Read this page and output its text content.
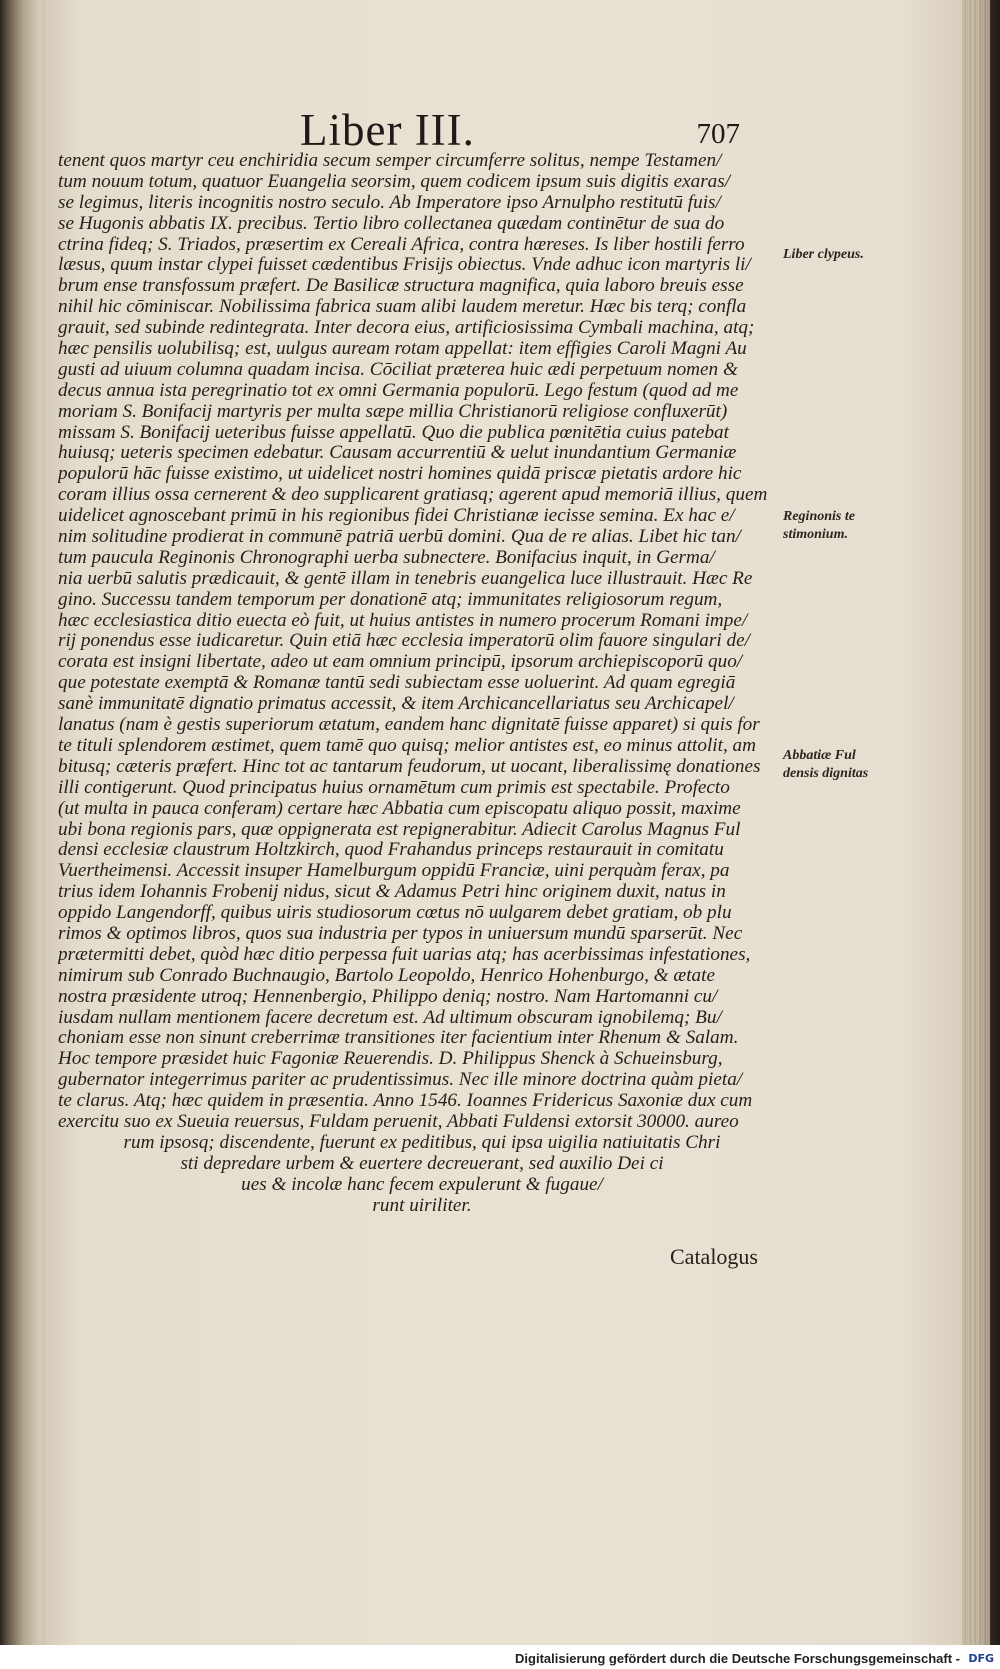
Liber III.	707
tenent quos martyr ceu enchiridia secum semper circumferre solitus, nempe Testamen/
tum nouum totum, quatuor Euangelia seorsim, quem codicem ipsum suis digitis exaras/
se legimus, literis incognitis nostro seculo. Ab Imperatore ipso Arnulpho restitutū fuis/
se Hugonis abbatis IX. precibus. Tertio libro collectanea quædam continētur de sua do
ctrina fideq; S. Triados, præsertim ex Cereali Africa, contra hæreses. Is liber hostili ferro
læsus, quum instar clypei fuisset cædentibus Frisijs obiectus. Vnde adhuc icon martyris li/
brum ense transfossum præfert. De Basilicæ structura magnifica, quia laboro breuis esse
nihil hic cōminiscar. Nobilissima fabrica suam alibi laudem meretur. Hæc bis terq; confla
grauit, sed subinde redintegrata. Inter decora eius, artificiosissima Cymbali machina, atq;
hæc pensilis uolubilisq; est, uulgus auream rotam appellat: item effigies Caroli Magni Au
gusti ad uiuum columna quadam incisa. Cōciliat præterea huic ædi perpetuum nomen &
decus annua ista peregrinatio tot ex omni Germania populorū. Lego festum (quod ad me
moriam S. Bonifacij martyris per multa sæpe millia Christianorū religiose confluxerūt)
missam S. Bonifacij ueteribus fuisse appellatū. Quo die publica pœnitētia cuius patebat
huiusq; ueteris specimen edebatur. Causam accurrentiū & uelut inundantium Germaniæ
populorū hāc fuisse existimo, ut uidelicet nostri homines quidā priscæ pietatis ardore hic
coram illius ossa cernerent & deo supplicarent gratiasq; agerent apud memoriā illius, quem
uidelicet agnoscebant primū in his regionibus fidei Christianæ iecisse semina. Ex hac e/
nim solitudine prodierat in communē patriā uerbū domini. Qua de re alias. Libet hic tan/
tum paucula Reginonis Chronographi uerba subnectere. Bonifacius inquit, in Germa/
nia uerbū salutis prædicauit, & gentē illam in tenebris euangelica luce illustrauit. Hæc Re
gino. Successu tandem temporum per donationē atq; immunitates religiosorum regum,
hæc ecclesiastica ditio euecta eò fuit, ut huius antistes in numero procerum Romani impe/
rij ponendus esse iudicaretur. Quin etiā hæc ecclesia imperatorū olim fauore singulari de/
corata est insigni libertate, adeo ut eam omnium principū, ipsorum archiepiscoporū quo/
que potestate exemptā & Romanæ tantū sedi subiectam esse uoluerint. Ad quam egregiā
sanè immunitatē dignatio primatus accessit, & item Archicancellariatus seu Archicapel/
lanatus (nam è gestis superiorum ætatum, eandem hanc dignitatē fuisse apparet) si quis for
te tituli splendorem æstimet, quem tamē quo quisq; melior antistes est, eo minus attolit, am
bitusq; cæteris præfert. Hinc tot ac tantarum feudorum, ut uocant, liberalissimę donationes
illi contigerunt. Quod principatus huius ornamētum cum primis est spectabile. Profecto
(ut multa in pauca conferam) certare hæc Abbatia cum episcopatu aliquo possit, maxime
ubi bona regionis pars, quæ oppignerata est repignerabitur. Adiecit Carolus Magnus Ful
densi ecclesiæ claustrum Holtzkirch, quod Frahandus princeps restaurauit in comitatu
Vuertheimensi. Accessit insuper Hamelburgum oppidū Franciæ, uini perquàm ferax, pa
trius idem Iohannis Frobenij nidus, sicut & Adamus Petri hinc originem duxit, natus in
oppido Langendorff, quibus uiris studiosorum cœtus nō uulgarem debet gratiam, ob plu
rimos & optimos libros, quos sua industria per typos in uniuersum mundū sparserūt. Nec
prætermitti debet, quòd hæc ditio perpessa fuit uarias atq; has acerbissimas infestationes,
nimirum sub Conrado Buchnaugio, Bartolo Leopoldo, Henrico Hohenburgo, & ætate
nostra præsidente utroq; Hennenbergio, Philippo deniq; nostro. Nam Hartomanni cu/
iusdam nullam mentionem facere decretum est. Ad ultimum obscuram ignobilemq; Bu/
choniam esse non sinunt creberrimæ transitiones iter facientium inter Rhenum & Salam.
Hoc tempore præsidet huic Fagoniæ Reuerendis. D. Philippus Shenck à Schueinsburg,
gubernator integerrimus pariter ac prudentissimus. Nec ille minore doctrina quàm pieta/
te clarus. Atq; hæc quidem in præsentia. Anno 1546. Ioannes Fridericus Saxoniæ dux cum
exercitu suo ex Sueuia reuersus, Fuldam peruenit, Abbati Fuldensi extorsit 30000. aureo
rum ipsosq; discendente, fuerunt ex peditibus, qui ipsa uigilia natiuitatis Chri
sti depredare urbem & euertere decreuerant, sed auxilio Dei ci
ues & incolæ hanc fecem expulerunt & fugaue/
runt uiriliter.
Liber clypeus.
Reginonis te stimonium.
Abbatiæ Ful densis dignitas
Catalogus
Digitalisierung gefördert durch die Deutsche Forschungsgemeinschaft - DFG
